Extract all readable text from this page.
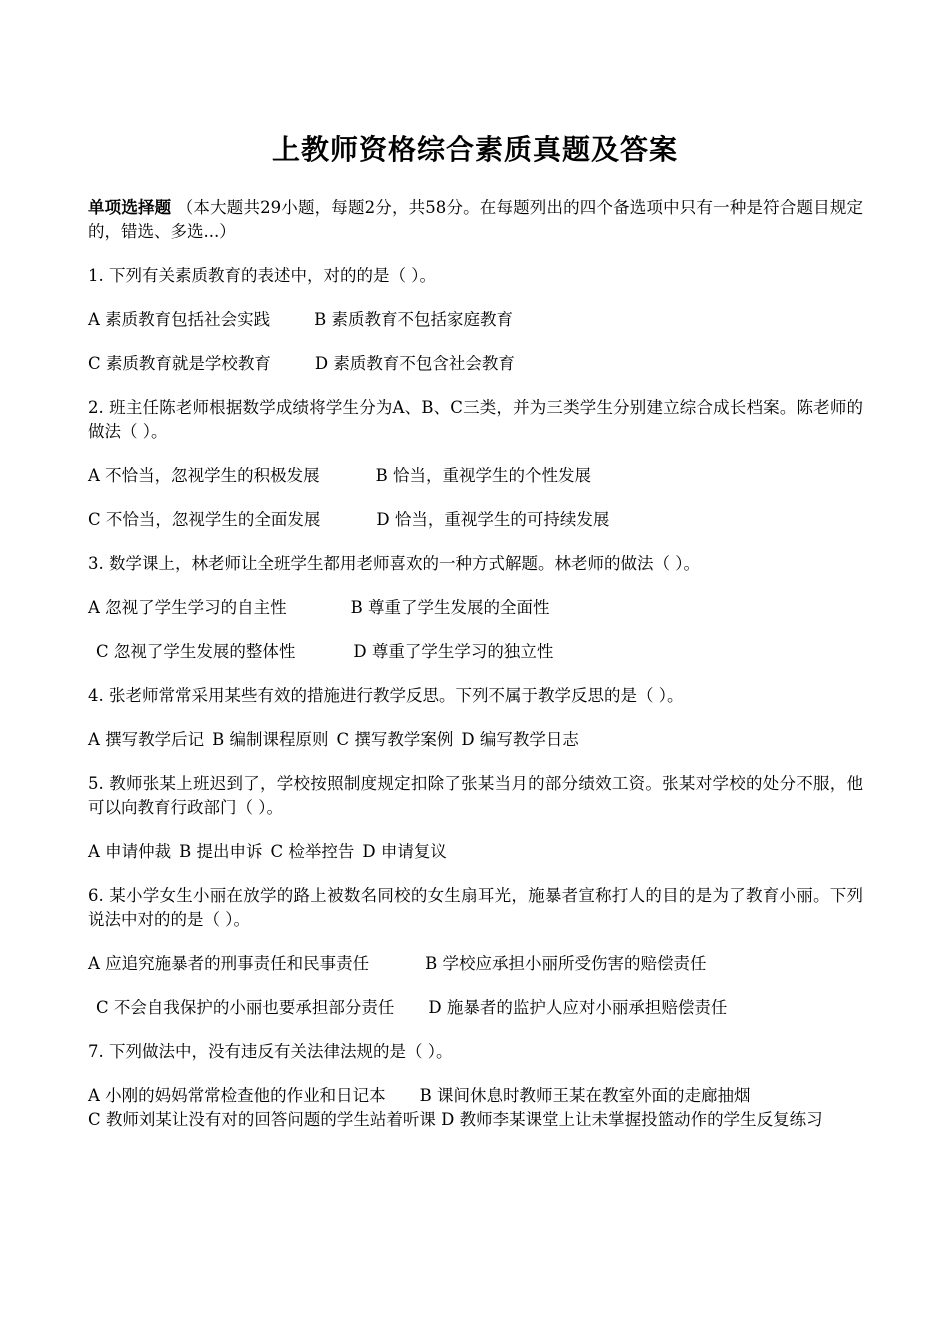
上教师资格综合素质真题及答案

单项选择题 （本大题共29小题，每题2分，共58分。在每题列出的四个备选项中只有一种是符合题目规定的，错选、多选...）

1. 下列有关素质教育的表述中，对的的是（ ）。

A 素质教育包括社会实践	B 素质教育不包括家庭教育
C 素质教育就是学校教育	D 素质教育不包含社会教育

2. 班主任陈老师根据数学成绩将学生分为A、B、C三类，并为三类学生分别建立综合成长档案。陈老师的做法（ ）。

A 不恰当，忽视学生的积极发展	B 恰当，重视学生的个性发展
C 不恰当，忽视学生的全面发展	D 恰当，重视学生的可持续发展

3. 数学课上，林老师让全班学生都用老师喜欢的一种方式解题。林老师的做法（ ）。

A 忽视了学生学习的自主性	B 尊重了学生发展的全面性
C 忽视了学生发展的整体性	D 尊重了学生学习的独立性

4. 张老师常常采用某些有效的措施进行教学反思。下列不属于教学反思的是（ ）。

A 撰写教学后记 B 编制课程原则 C 撰写教学案例 D 编写教学日志

5. 教师张某上班迟到了，学校按照制度规定扣除了张某当月的部分绩效工资。张某对学校的处分不服，他可以向教育行政部门（ ）。

A 申请仲裁 B 提出申诉 C 检举控告 D 申请复议

6. 某小学女生小丽在放学的路上被数名同校的女生扇耳光，施暴者宣称打人的目的是为了教育小丽。下列说法中对的的是（ ）。

A 应追究施暴者的刑事责任和民事责任	B 学校应承担小丽所受伤害的赔偿责任
C 不会自我保护的小丽也要承担部分责任 D 施暴者的监护人应对小丽承担赔偿责任

7. 下列做法中，没有违反有关法律法规的是（ ）。

A 小刚的妈妈常常检查他的作业和日记本 B 课间休息时教师王某在教室外面的走廊抽烟

C 教师刘某让没有对的回答问题的学生站着听课 D 教师李某课堂上让未掌握投篮动作的学生反复练习
